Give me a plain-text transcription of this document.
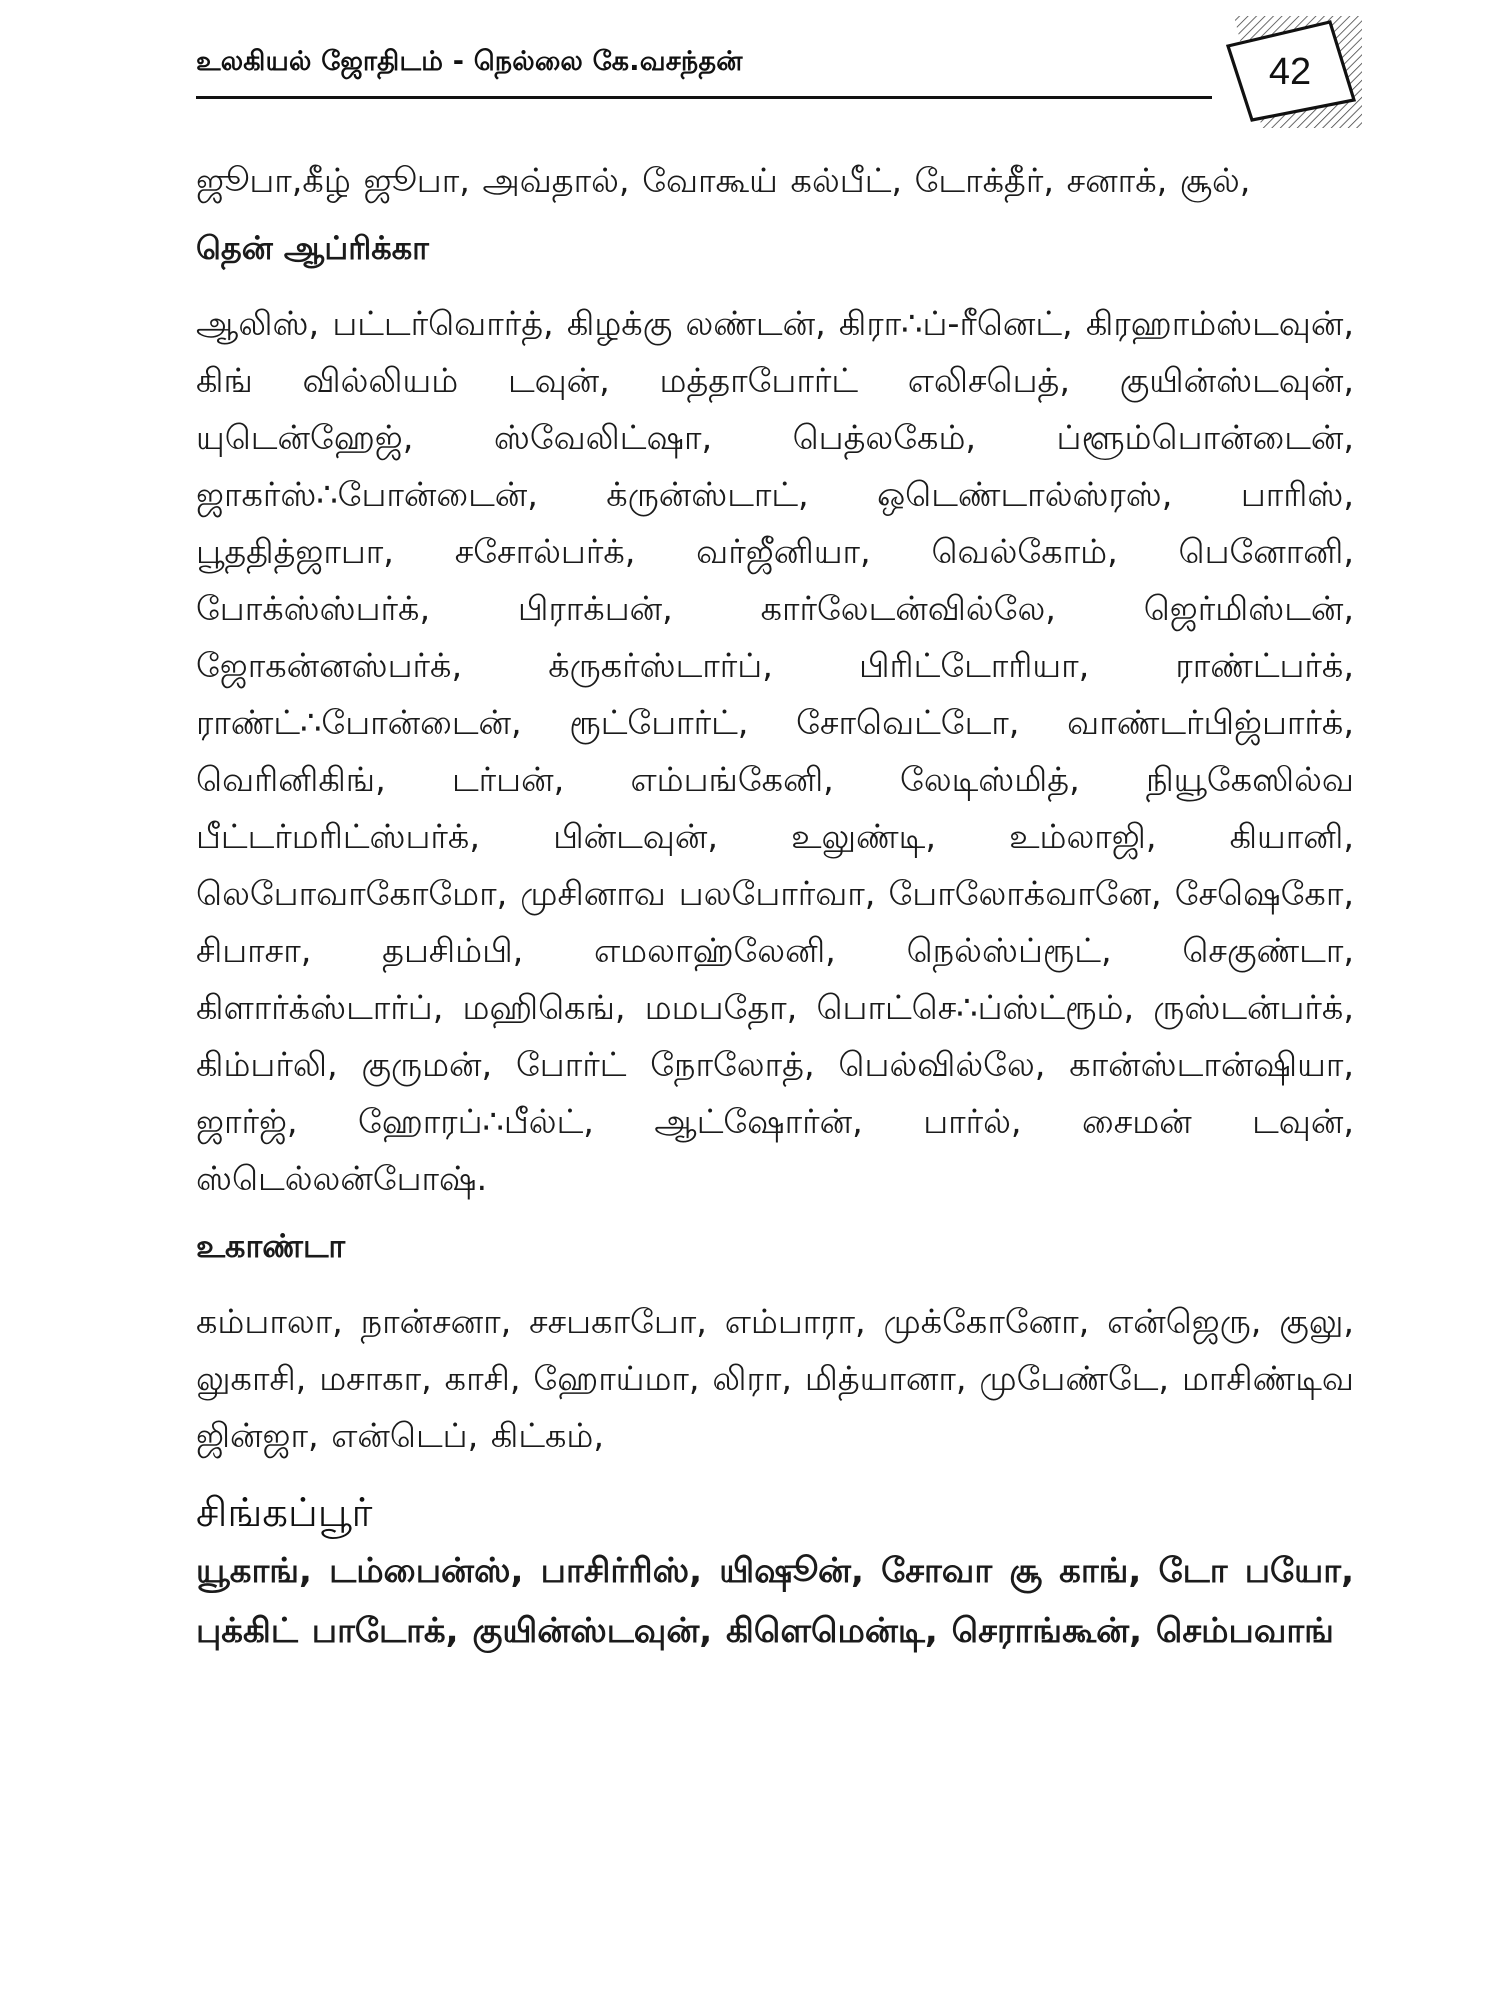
உலகியல் ஜோதிடம் - நெல்லை கே.வசந்தன்	42

ஜூபா,கீழ் ஜூபா, அவ்தால், வோகூய் கல்பீட், டோக்தீர், சனாக், சூல்,

தென் ஆப்ரிக்கா

ஆலிஸ், பட்டர்வொர்த், கிழக்கு லண்டன், கிரா∴ப்-ரீனெட், கிரஹாம்ஸ்டவுன், கிங் வில்லியம் டவுன், மத்தாபோர்ட் எலிசபெத், குயின்ஸ்டவுன், யுடென்ஹேஜ், ஸ்வேலிட்ஷா, பெத்லகேம், ப்ளூம்பொன்டைன், ஜாகர்ஸ்∴போன்டைன், க்ருன்ஸ்டாட், ஒடெண்டால்ஸ்ரஸ், பாரிஸ், பூததித்ஜாபா, சசோல்பர்க், வர்ஜீனியா, வெல்கோம், பெனோனி, போக்ஸ்ஸ்பர்க், பிராக்பன், கார்லேடன்வில்லே, ஜெர்மிஸ்டன், ஜோகன்னஸ்பர்க், க்ருகர்ஸ்டார்ப், பிரிட்டோரியா, ராண்ட்பர்க், ராண்ட்∴போன்டைன், ரூட்போர்ட், சோவெட்டோ, வாண்டர்பிஜ்பார்க், வெரினிகிங், டர்பன், எம்பங்கேனி, லேடிஸ்மித், நியூகேஸில்வ பீட்டர்மரிட்ஸ்பர்க், பின்டவுன், உலுண்டி, உம்லாஜி, கியானி, லெபோவாகோமோ, முசினாவ பலபோர்வா, போலோக்வானே, சேஷெகோ, சிபாசா, தபசிம்பி, எமலாஹ்லேனி, நெல்ஸ்ப்ரூட், செகுண்டா, கிளார்க்ஸ்டார்ப், மஹிகெங், மமபதோ, பொட்செ∴ப்ஸ்ட்ரூம், ருஸ்டன்பர்க், கிம்பர்லி, குருமன், போர்ட் நோலோத், பெல்வில்லே, கான்ஸ்டான்ஷியா, ஜார்ஜ், ஹோரப்∴பீல்ட், ஆட்ஷோர்ன், பார்ல், சைமன் டவுன், ஸ்டெல்லன்போஷ்.

உகாண்டா

கம்பாலா, நான்சனா, சசபகாபோ, எம்பாரா, முக்கோனோ, என்ஜெரு, குலு, லுகாசி, மசாகா, காசி, ஹோய்மா, லிரா, மித்யானா, முபேண்டே, மாசிண்டிவ ஜின்ஜா, என்டெப், கிட்கம்,

சிங்கப்பூர்

யூகாங், டம்பைன்ஸ், பாசிர்ரிஸ், யிஷூன், சோவா சூ காங், டோ பயோ, புக்கிட் பாடோக், குயின்ஸ்டவுன், கிளெமென்டி, செராங்கூன், செம்பவாங்
